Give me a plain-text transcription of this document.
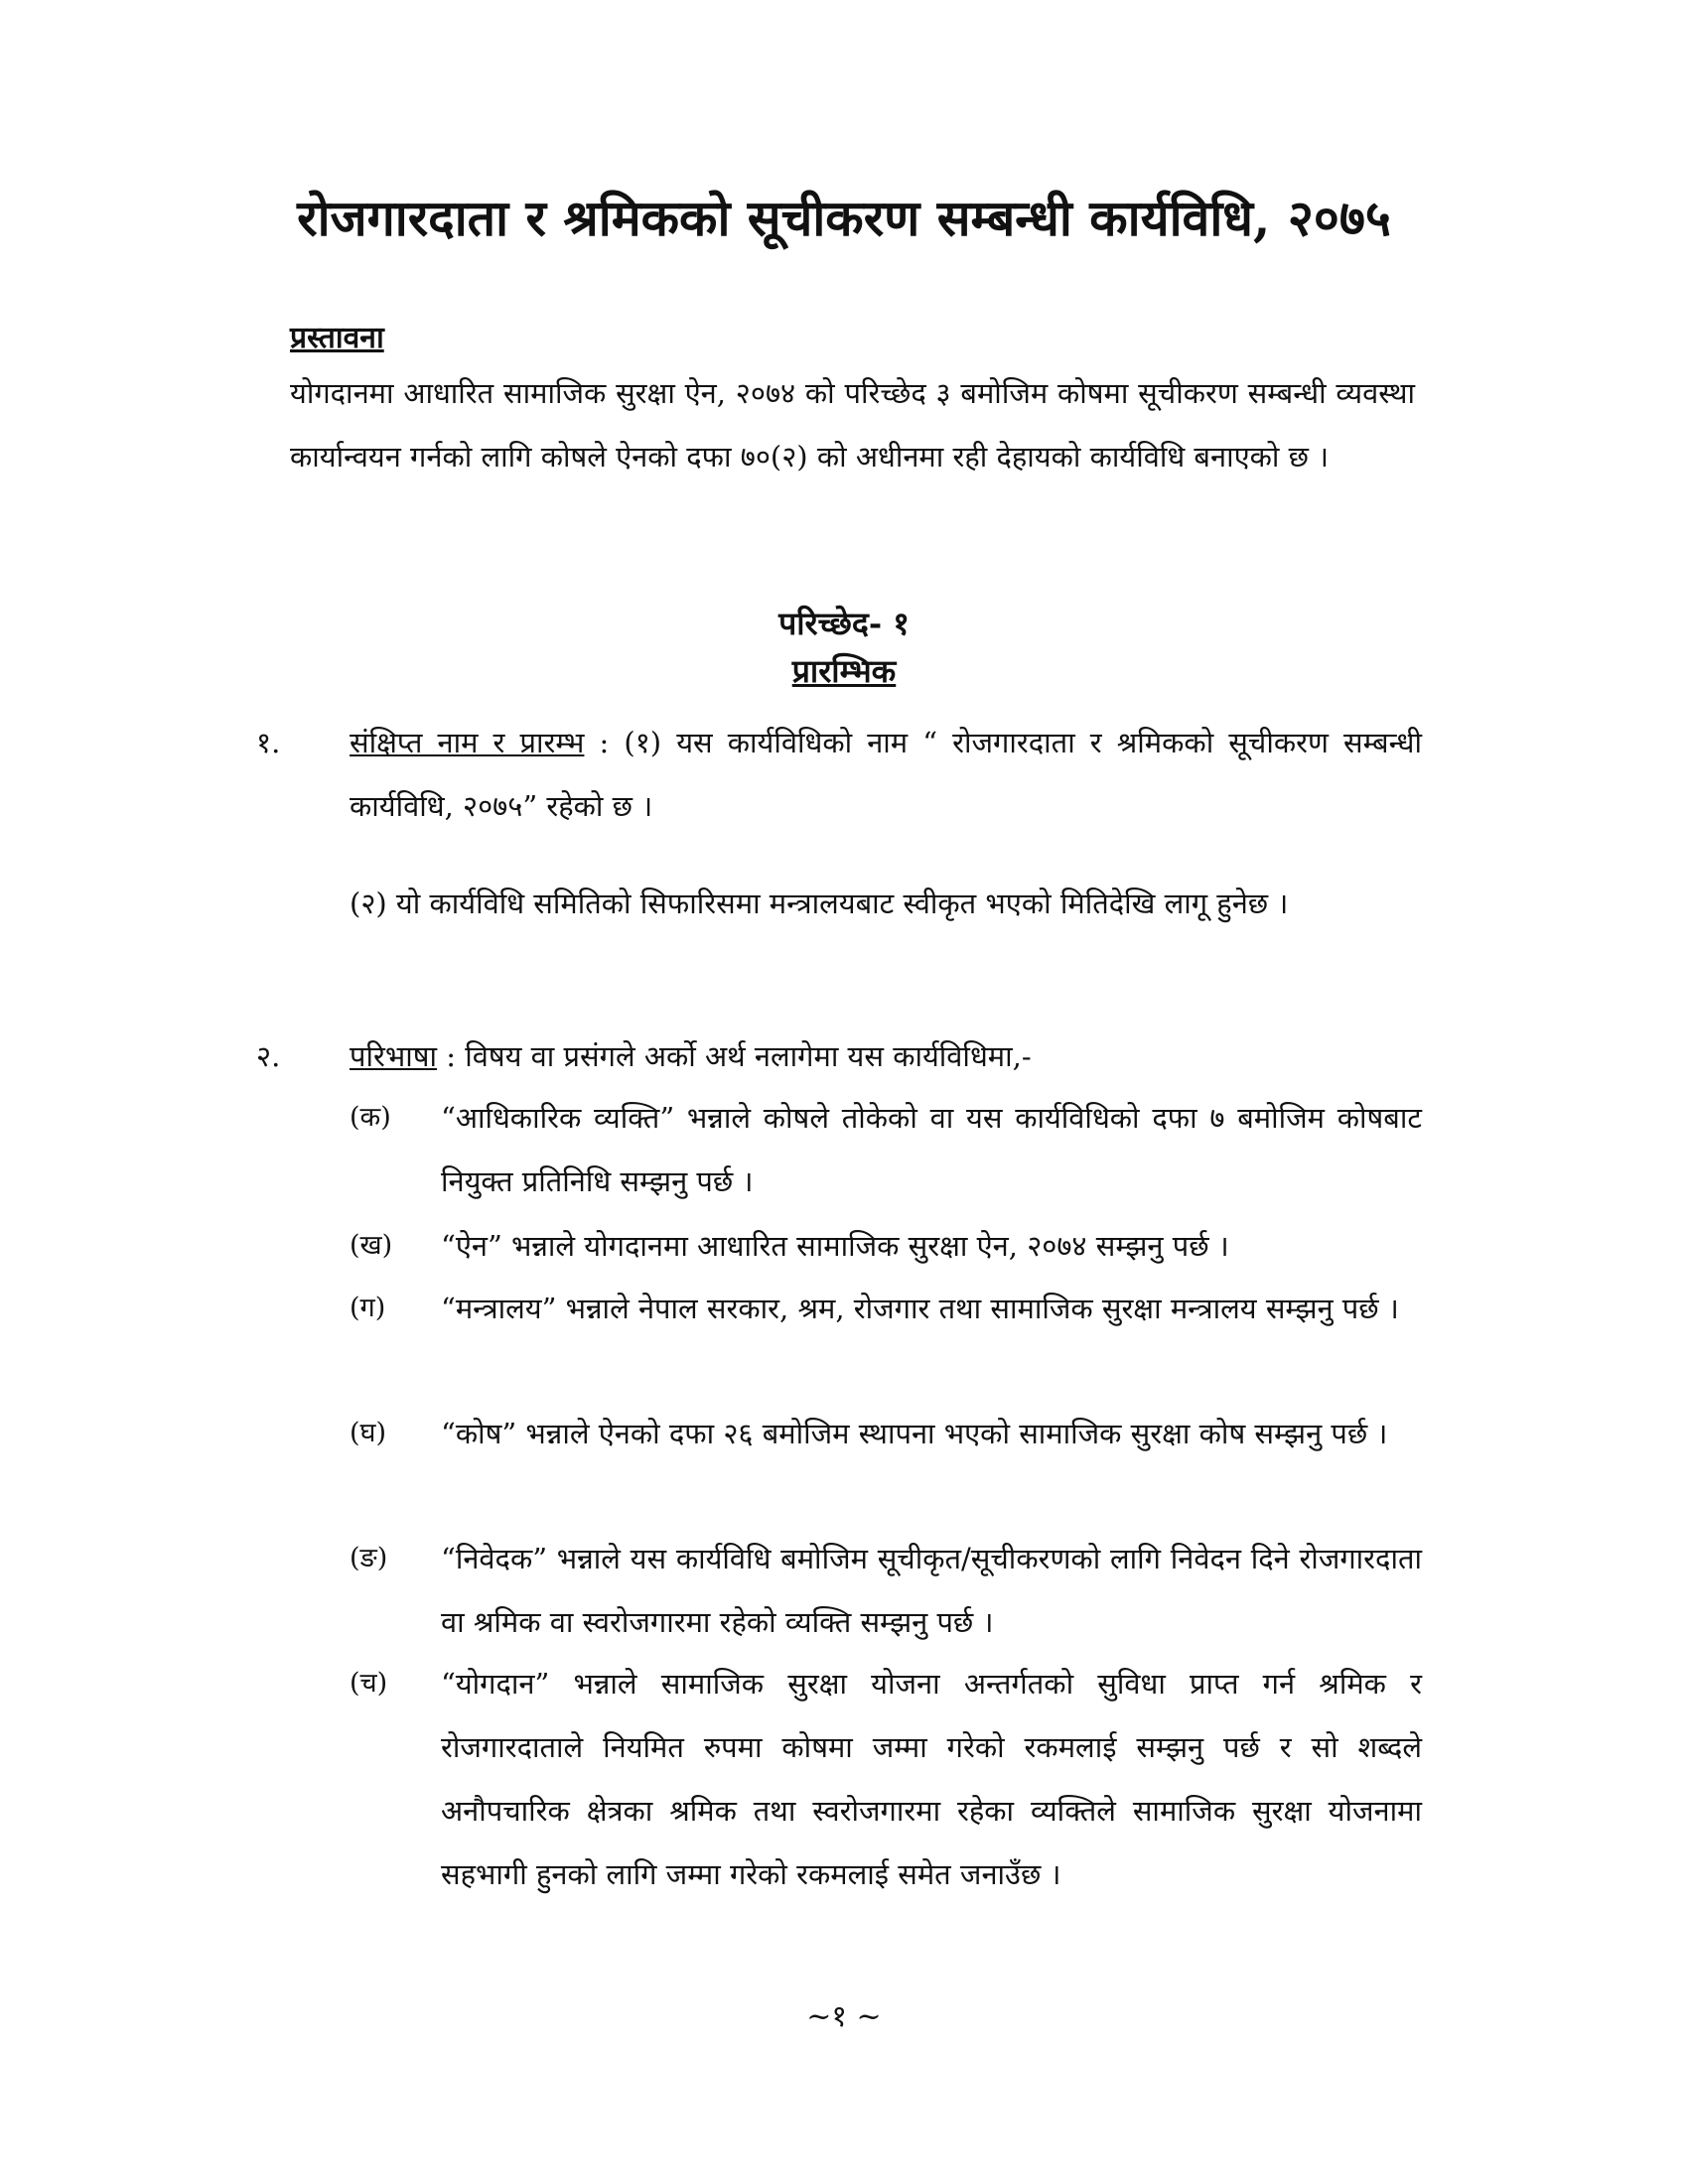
रोजगारदाता र श्रमिकको सूचीकरण सम्बन्धी कार्यविधि, २०७५
प्रस्तावना
योगदानमा आधारित सामाजिक सुरक्षा ऐन, २०७४ को परिच्छेद ३ बमोजिम कोषमा सूचीकरण सम्बन्धी व्यवस्था कार्यान्वयन गर्नको लागि कोषले ऐनको दफा ७०(२) को अधीनमा रही देहायको कार्यविधि बनाएको छ ।
परिच्छेद- १
प्रारम्भिक
१. संक्षिप्त नाम र प्रारम्भ : (१) यस कार्यविधिको नाम “ रोजगारदाता र श्रमिकको सूचीकरण सम्बन्धी कार्यविधि, २०७५” रहेको छ ।
(२) यो कार्यविधि समितिको सिफारिसमा मन्त्रालयबाट स्वीकृत भएको मितिदेखि लागू हुनेछ ।
२. परिभाषा : विषय वा प्रसंगले अर्को अर्थ नलागेमा यस कार्यविधिमा,-
(क)	“आधिकारिक व्यक्ति” भन्नाले कोषले तोकेको वा यस कार्यविधिको दफा ७ बमोजिम कोषबाट नियुक्त प्रतिनिधि सम्झनु पर्छ ।
(ख)	“ऐन” भन्नाले योगदानमा आधारित सामाजिक सुरक्षा ऐन, २०७४ सम्झनु पर्छ ।
(ग)	“मन्त्रालय” भन्नाले नेपाल सरकार, श्रम, रोजगार तथा सामाजिक सुरक्षा मन्त्रालय सम्झनु पर्छ ।
(घ)	“कोष” भन्नाले ऐनको दफा २६ बमोजिम स्थापना भएको सामाजिक सुरक्षा कोष सम्झनु पर्छ ।
(ङ)	“निवेदक” भन्नाले यस कार्यविधि बमोजिम सूचीकृत/सूचीकरणको लागि निवेदन दिने रोजगारदाता वा श्रमिक वा स्वरोजगारमा रहेको व्यक्ति सम्झनु पर्छ ।
(च)	“योगदान” भन्नाले सामाजिक सुरक्षा योजना अन्तर्गतको सुविधा प्राप्त गर्न श्रमिक र रोजगारदाताले नियमित रुपमा कोषमा जम्मा गरेको रकमलाई सम्झनु पर्छ र सो शब्दले अनौपचारिक क्षेत्रका श्रमिक तथा स्वरोजगारमा रहेका व्यक्तिले सामाजिक सुरक्षा योजनामा सहभागी हुनको लागि जम्मा गरेको रकमलाई समेत जनाउँछ ।
~१ ~
